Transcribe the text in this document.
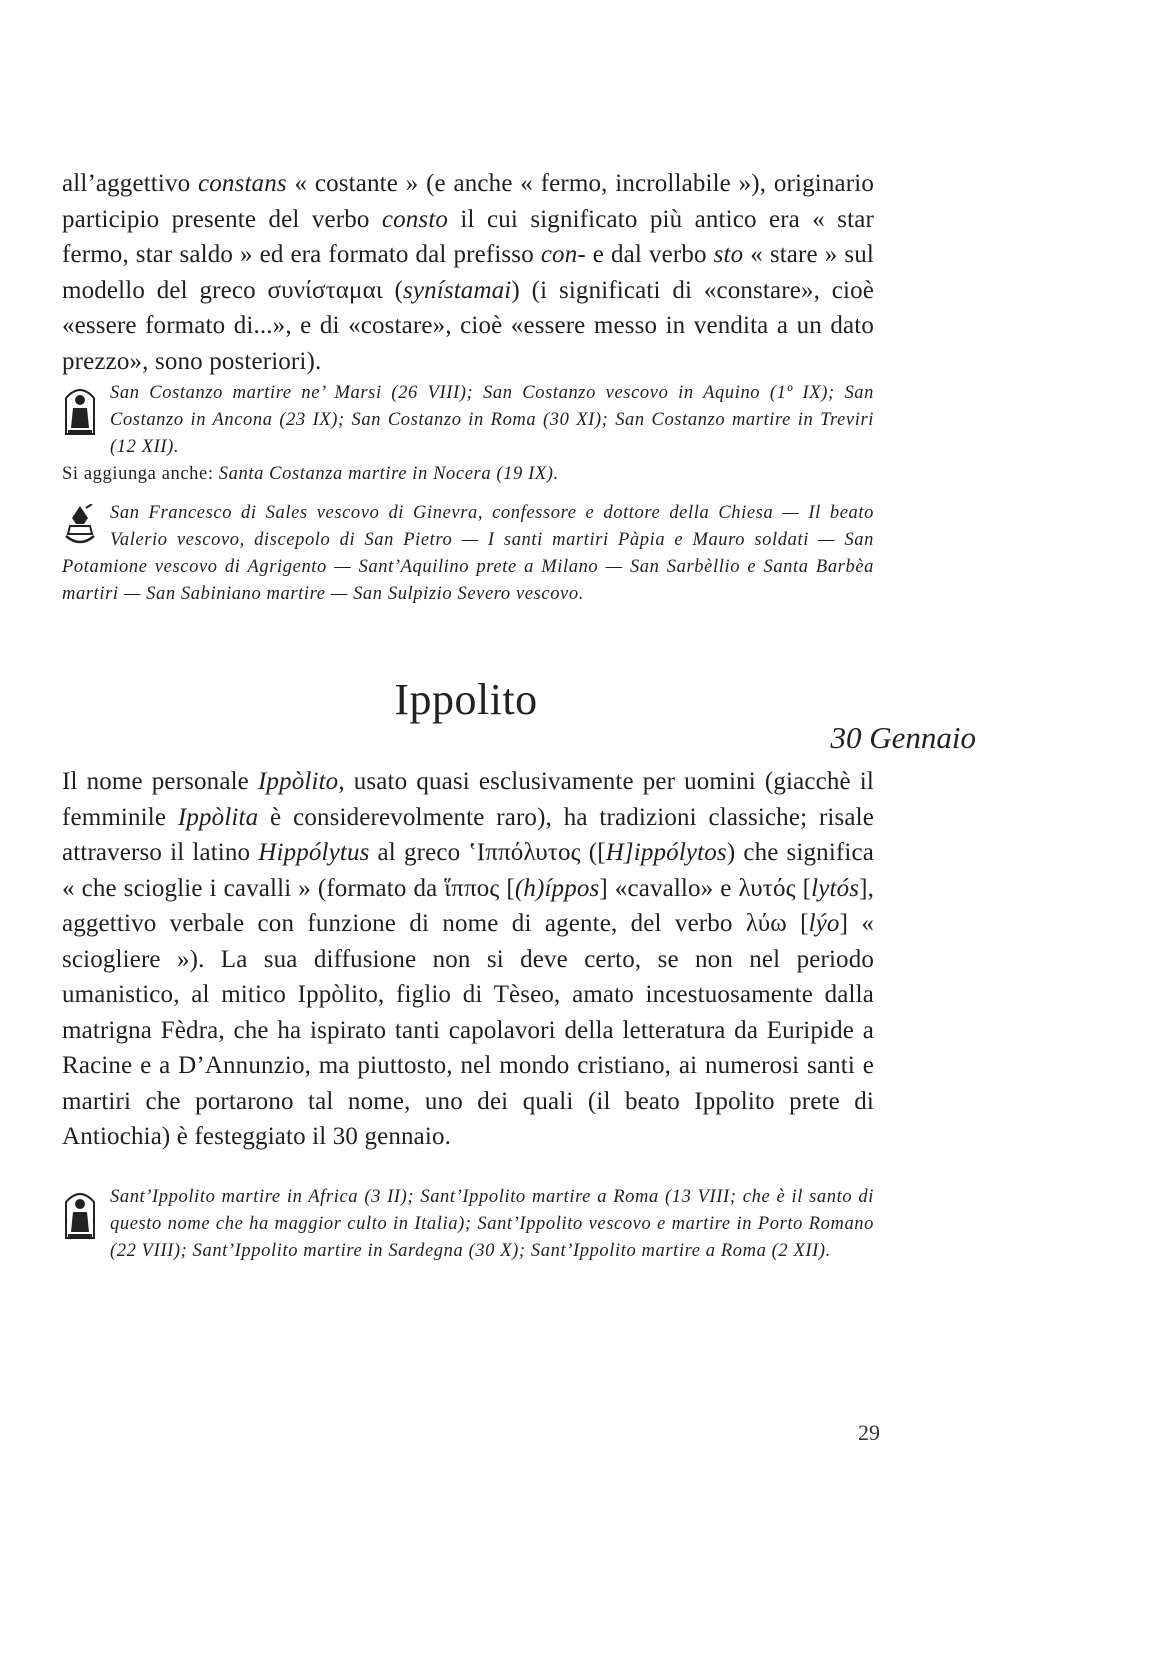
all’aggettivo constans « costante » (e anche « fermo, incrollabile »), originario participio presente del verbo consto il cui significato più antico era « star fermo, star saldo » ed era formato dal prefisso con- e dal verbo sto « stare » sul modello del greco συνίσταμαι (synístamai) (i significati di «constare», cioè «essere formato di...», e di «costare», cioè «essere messo in vendita a un dato prezzo», sono posteriori).

San Costanzo martire ne’ Marsi (26 VIII); San Costanzo vescovo in Aquino (1º IX); San Costanzo in Ancona (23 IX); San Costanzo in Roma (30 XI); San Costanzo martire in Treviri (12 XII).
Si aggiunga anche: Santa Costanza martire in Nocera (19 IX).
San Francesco di Sales vescovo di Ginevra, confessore e dottore della Chiesa — Il beato Valerio vescovo, discepolo di San Pietro — I santi martiri Pàpia e Mauro soldati — San Potamione vescovo di Agrigento — Sant’Aquilino prete a Milano — San Sarbèllio e Santa Barbèa martiri — San Sabiniano martire — San Sulpizio Severo vescovo.
Ippolito
30 Gennaio

Il nome personale Ippòlito, usato quasi esclusivamente per uomini (giacchè il femminile Ippòlita è considerevolmente raro), ha tradizioni classiche; risale attraverso il latino Hippólytus al greco ʽΙππόλυτος ([H]ippólytos) che significa « che scioglie i cavalli » (formato da ἵππος [(h)íppos] «cavallo» e λυτός [lytós], aggettivo verbale con funzione di nome di agente, del verbo λύω [lýo] « sciogliere »). La sua diffusione non si deve certo, se non nel periodo umanistico, al mitico Ippòlito, figlio di Tèseo, amato incestuosamente dalla matrigna Fèdra, che ha ispirato tanti capolavori della letteratura da Euripide a Racine e a D’Annunzio, ma piuttosto, nel mondo cristiano, ai numerosi santi e martiri che portarono tal nome, uno dei quali (il beato Ippolito prete di Antiochia) è festeggiato il 30 gennaio.

Sant’Ippolito martire in Africa (3 II); Sant’Ippolito martire a Roma (13 VIII; che è il santo di questo nome che ha maggior culto in Italia); Sant’Ippolito vescovo e martire in Porto Romano (22 VIII); Sant’Ippolito martire in Sardegna (30 X); Sant’Ippolito martire a Roma (2 XII).
29
